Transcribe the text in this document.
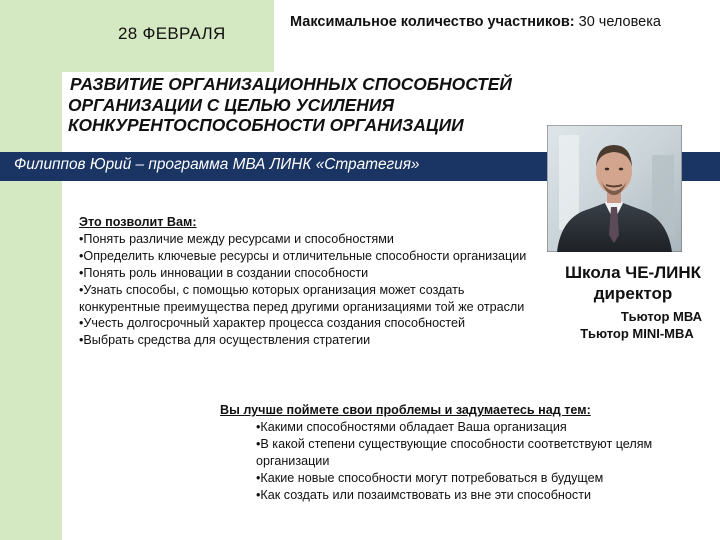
28 ФЕВРАЛЯ
Максимальное количество участников: 30 человека
РАЗВИТИЕ ОРГАНИЗАЦИОННЫХ СПОСОБНОСТЕЙ
ОРГАНИЗАЦИИ С ЦЕЛЬЮ УСИЛЕНИЯ
КОНКУРЕНТОСПОСОБНОСТИ ОРГАНИЗАЦИИ
Филиппов Юрий – программа МВА ЛИНК «Стратегия»
Школа ЧЕ-ЛИНК
директор
Тьютор МВА
Тьютор MINI-MBA
Это позволит Вам:
•Понять различие между ресурсами и способностями
•Определить ключевые ресурсы и отличительные способности организации
•Понять роль инновации в создании способности
•Узнать способы, с помощью которых организация может создать конкурентные преимущества перед другими организациями той же отрасли
•Учесть долгосрочный характер процесса создания способностей
•Выбрать средства для осуществления стратегии
Вы лучше поймете свои проблемы и задумаетесь над тем:
•Какими способностями обладает Ваша организация
•В какой степени существующие способности соответствуют целям организации
•Какие новые способности могут потребоваться в будущем
•Как создать или позаимствовать из вне эти способности
